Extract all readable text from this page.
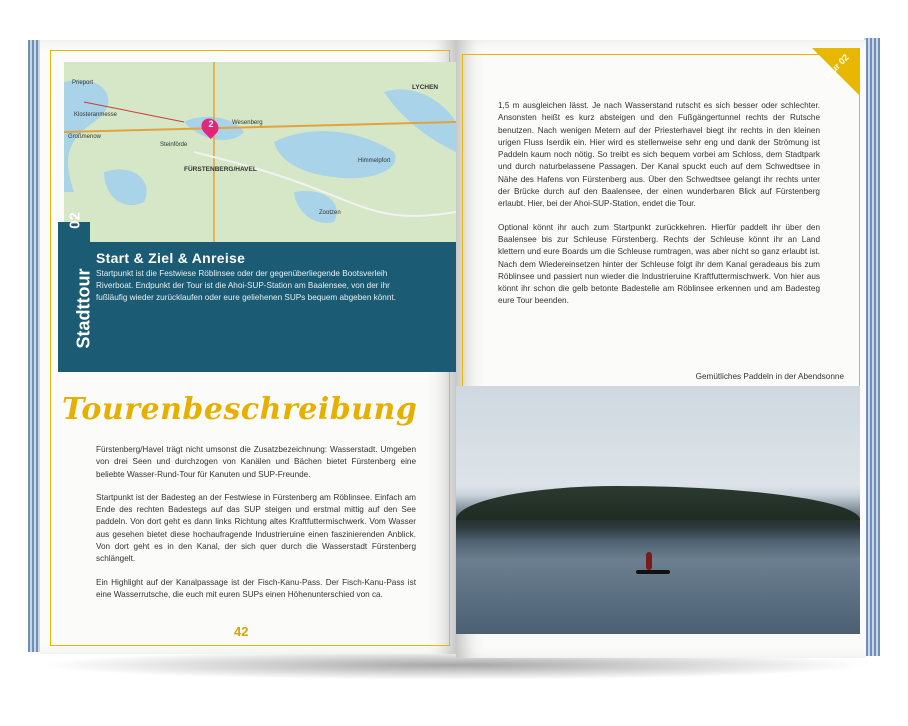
Prieport
Steinförde
Klosteranmesse
Großmenow
FÜRSTENBERG/HAVEL
Zootzen
LYCHEN
Himmelpfort
Wesenberg
2
Stadttour
02
Start & Ziel & Anreise
Startpunkt ist die Festwiese Röblinsee oder der gegenüberliegende Bootsverleih Riverboat. Endpunkt der Tour ist die Ahoi-SUP-Station am Baalensee, von der ihr fußläufig wieder zurücklaufen oder eure geliehenen SUPs bequem abgeben könnt.
Tourenbeschreibung

Fürstenberg/Havel trägt nicht umsonst die Zusatzbezeichnung: Wasserstadt. Umgeben von drei Seen und durchzogen von Kanälen und Bächen bietet Fürstenberg eine beliebte Wasser-Rund-Tour für Kanuten und SUP-Freunde.

Startpunkt ist der Badesteg an der Festwiese in Fürstenberg am Röblinsee. Einfach am Ende des rechten Badestegs auf das SUP steigen und erstmal mittig auf den See paddeln. Von dort geht es dann links Richtung altes Kraftfuttermischwerk. Vom Wasser aus gesehen bietet diese hochaufragende Industrieruine einen faszinierenden Anblick. Von dort geht es in den Kanal, der sich quer durch die Wasserstadt Fürstenberg schlängelt.

Ein Highlight auf der Kanalpassage ist der Fisch-Kanu-Pass. Der Fisch-Kanu-Pass ist eine Wasserrutsche, die euch mit euren SUPs einen Höhenunterschied von ca.

42
Tour 02

1,5 m ausgleichen lässt. Je nach Wasserstand rutscht es sich besser oder schlechter. Ansonsten heißt es kurz absteigen und den Fußgängertunnel rechts der Rutsche benutzen. Nach wenigen Metern auf der Priesterhavel biegt ihr rechts in den kleinen urigen Fluss Iserdik ein. Hier wird es stellenweise sehr eng und dank der Strömung ist Paddeln kaum noch nötig. So treibt es sich bequem vorbei am Schloss, dem Stadtpark und durch naturbelassene Passagen. Der Kanal spuckt euch auf dem Schwedtsee in Nähe des Hafens von Fürstenberg aus. Über den Schwedtsee gelangt ihr rechts unter der Brücke durch auf den Baalensee, der einen wunderbaren Blick auf Fürstenberg erlaubt. Hier, bei der Ahoi-SUP-Station, endet die Tour.

Optional könnt ihr auch zum Startpunkt zurückkehren. Hierfür paddelt ihr über den Baalensee bis zur Schleuse Fürstenberg. Rechts der Schleuse könnt ihr an Land klettern und eure Boards um die Schleuse rumtragen, was aber nicht so ganz erlaubt ist. Nach dem Wiedereinsetzen hinter der Schleuse folgt ihr dem Kanal geradeaus bis zum Röblinsee und passiert nun wieder die Industrieruine Kraftfuttermischwerk. Von hier aus könnt ihr schon die gelb betonte Badestelle am Röblinsee erkennen und am Badesteg eure Tour beenden.

Gemütliches Paddeln in der Abendsonne
